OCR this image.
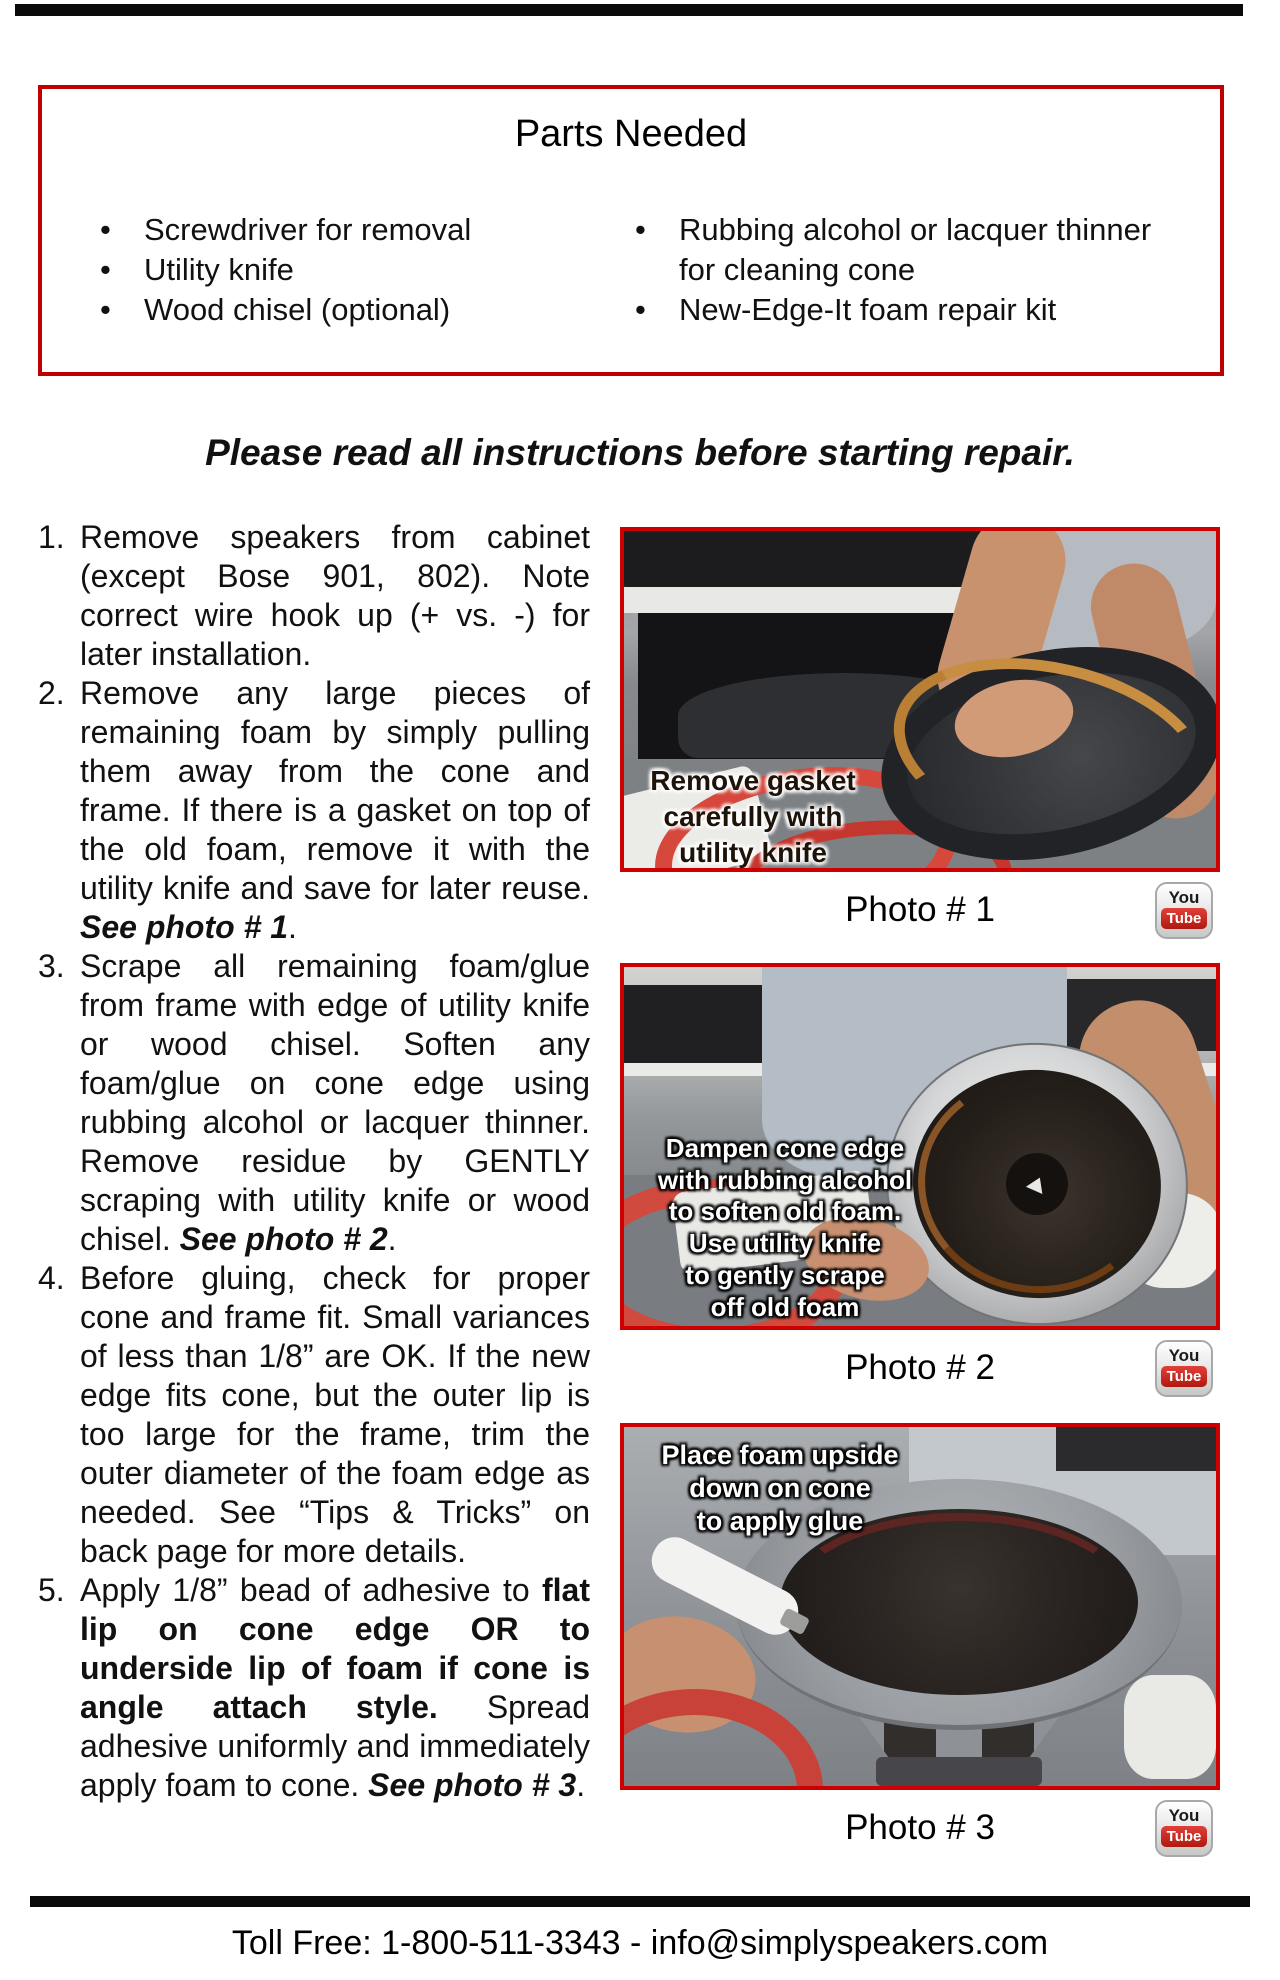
Parts Needed
• Screwdriver for removal
• Utility knife
• Wood chisel (optional)
• Rubbing alcohol or lacquer thinner for cleaning cone
• New-Edge-It foam repair kit
Please read all instructions before starting repair.
1. Remove speakers from cabinet (except Bose 901, 802). Note correct wire hook up (+ vs. -) for later installation.
2. Remove any large pieces of remaining foam by simply pulling them away from the cone and frame. If there is a gasket on top of the old foam, remove it with the utility knife and save for later reuse. See photo # 1.
3. Scrape all remaining foam/glue from frame with edge of utility knife or wood chisel. Soften any foam/glue on cone edge using rubbing alcohol or lacquer thinner. Remove residue by GENTLY scraping with utility knife or wood chisel. See photo # 2.
4. Before gluing, check for proper cone and frame fit. Small variances of less than 1/8” are OK. If the new edge fits cone, but the outer lip is too large for the frame, trim the outer diameter of the foam edge as needed. See “Tips & Tricks” on back page for more details.
5. Apply 1/8” bead of adhesive to flat lip on cone edge OR to underside lip of foam if cone is angle attach style. Spread adhesive uniformly and immediately apply foam to cone. See photo # 3.
Remove gasket
carefully with
utility knife
Photo # 1	You
Tube
Dampen cone edge
with rubbing alcohol
to soften old foam.
Use utility knife
to gently scrape
off old foam
Photo # 2	You
Tube
Place foam upside
down on cone
to apply glue
Photo # 3	You
Tube
Toll Free: 1-800-511-3343 - info@simplyspeakers.com
